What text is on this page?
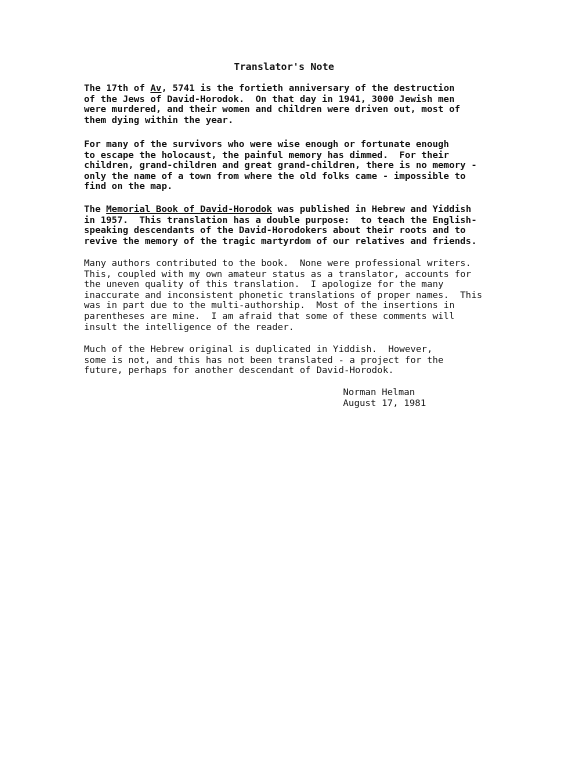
Translator's Note
The 17th of Av, 5741 is the fortieth anniversary of the destruction
of the Jews of David-Horodok.  On that day in 1941, 3000 Jewish men
were murdered, and their women and children were driven out, most of
them dying within the year.
For many of the survivors who were wise enough or fortunate enough
to escape the holocaust, the painful memory has dimmed.  For their
children, grand-children and great grand-children, there is no memory -
only the name of a town from where the old folks came - impossible to
find on the map.
The Memorial Book of David-Horodok was published in Hebrew and Yiddish
in 1957.  This translation has a double purpose:  to teach the English-
speaking descendants of the David-Horodokers about their roots and to
revive the memory of the tragic martyrdom of our relatives and friends.
Many authors contributed to the book.  None were professional writers.
This, coupled with my own amateur status as a translator, accounts for
the uneven quality of this translation.  I apologize for the many
inaccurate and inconsistent phonetic translations of proper names.  This
was in part due to the multi-authorship.  Most of the insertions in
parentheses are mine.  I am afraid that some of these comments will
insult the intelligence of the reader.
Much of the Hebrew original is duplicated in Yiddish.  However,
some is not, and this has not been translated - a project for the
future, perhaps for another descendant of David-Horodok.
Norman Helman
August 17, 1981
